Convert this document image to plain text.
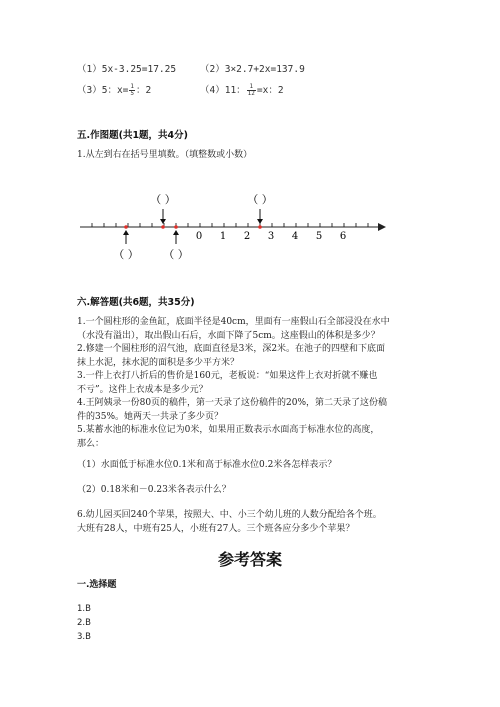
（1）5x-3.25=17.25	（2）3×2.7+2x=137.9
（3）5：$x= \frac{1}{5}$ ：2	（4）11： $\frac{1}{12} =x$：2
五.作图题(共1题，共4分)
1.从左到右在括号里填数。（填整数或小数）
0 1 2 3 4 5 6
（ ）	（ ）
（ ） （ ）
六.解答题(共6题，共35分)
1.一个圆柱形的金鱼缸，底面半径是40cm，里面有一座假山石全部浸没在水中
（水没有溢出），取出假山石后，水面下降了5cm。这座假山的体积是多少？
2.修建一个圆柱形的沼气池，底面直径是3米，深2米。在池子的四壁和下底面
抹上水泥，抹水泥的面积是多少平方米？
3.一件上衣打八折后的售价是160元，老板说：“如果这件上衣对折就不赚也
不亏”。这件上衣成本是多少元？
4.王阿姨录一份80页的稿件，第一天录了这份稿件的20%，第二天录了这份稿
件的35%。她两天一共录了多少页？
5.某蓄水池的标准水位记为0米，如果用正数表示水面高于标准水位的高度，
那么：
（1）水面低于标准水位0.1米和高于标准水位0.2米各怎样表示？
（2）0.18米和－0.23米各表示什么？
6.幼儿园买回240个苹果，按照大、中、小三个幼儿班的人数分配给各个班。
大班有28人，中班有25人，小班有27人。三个班各应分多少个苹果？
参考答案
一.选择题
1.B
2.B
3.B
